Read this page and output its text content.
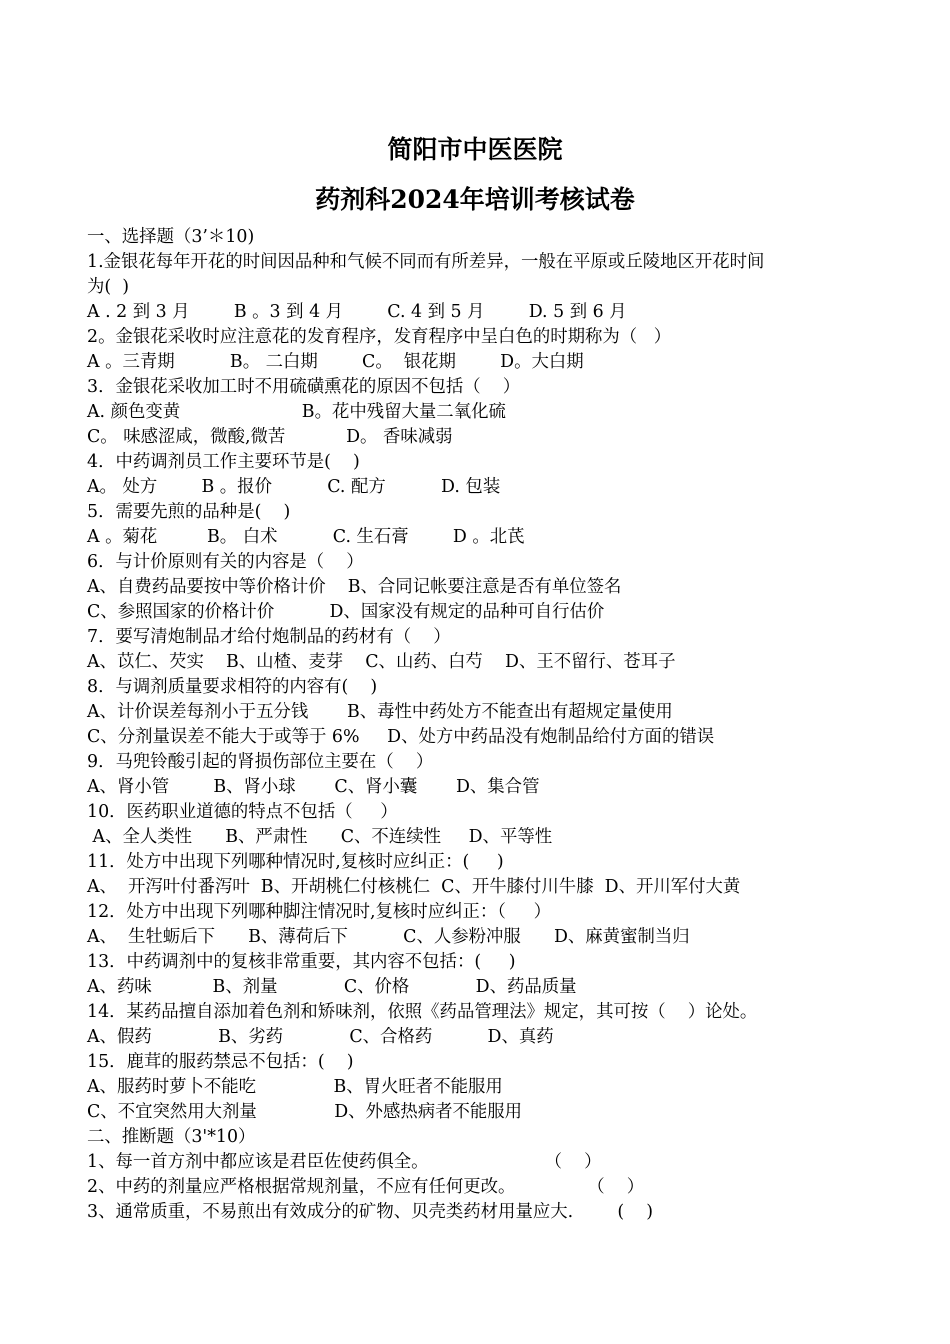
简阳市中医医院
药剂科2024年培训考核试卷
一、选择题（3’＊10)
1.金银花每年开花的时间因品种和气候不同而有所差异，一般在平原或丘陵地区开花时间
为(  )
A . 2 到 3 月        B 。3 到 4 月        C. 4 到 5 月        D. 5 到 6 月
2。金银花采收时应注意花的发育程序，发育程序中呈白色的时期称为（   ）
A 。三青期          B。 二白期        C。  银花期        D。大白期
3．金银花采收加工时不用硫磺熏花的原因不包括（    ）
A. 颜色变黄                      B。花中残留大量二氧化硫
C。 味感涩咸，微酸,微苦           D。 香味减弱
4．中药调剂员工作主要环节是(    )
A。 处方        B 。报价          C. 配方          D. 包装
5．需要先煎的品种是(    )
A 。菊花         B。 白术          C. 生石膏        D 。北芪
6．与计价原则有关的内容是（    ）
A、自费药品要按中等价格计价    B、合同记帐要注意是否有单位签名
C、参照国家的价格计价          D、国家没有规定的品种可自行估价
7．要写清炮制品才给付炮制品的药材有（    ）
A、苡仁、芡实    B、山楂、麦芽    C、山药、白芍    D、王不留行、苍耳子
8．与调剂质量要求相符的内容有(    )
A、计价误差每剂小于五分钱       B、毒性中药处方不能查出有超规定量使用
C、分剂量误差不能大于或等于 6%     D、处方中药品没有炮制品给付方面的错误
9．马兜铃酸引起的肾损伤部位主要在（    ）
A、肾小管        B、肾小球       C、肾小囊       D、集合管
10．医药职业道德的特点不包括（     ）
A、全人类性      B、严肃性      C、不连续性     D、平等性
11．处方中出现下列哪种情况时,复核时应纠正：(     )
A、  开泻叶付番泻叶  B、开胡桃仁付核桃仁  C、开牛膝付川牛膝  D、开川军付大黄
12．处方中出现下列哪种脚注情况时,复核时应纠正：（     ）
A、  生牡蛎后下      B、薄荷后下          C、人参粉冲服      D、麻黄蜜制当归
13．中药调剂中的复核非常重要，其内容不包括：(     )
A、药味           B、剂量            C、价格            D、药品质量
14．某药品擅自添加着色剂和矫味剂，依照《药品管理法》规定，其可按（    ）论处。
A、假药            B、劣药            C、合格药          D、真药
15．鹿茸的服药禁忌不包括：(    )
A、服药时萝卜不能吃              B、胃火旺者不能服用
C、不宜突然用大剂量              D、外感热病者不能服用
二、推断题（3'*10）
1、每一首方剂中都应该是君臣佐使药俱全。                     （    ）
2、中药的剂量应严格根据常规剂量，不应有任何更改。             （    ）
3、通常质重，不易煎出有效成分的矿物、贝壳类药材用量应大.        (    )
